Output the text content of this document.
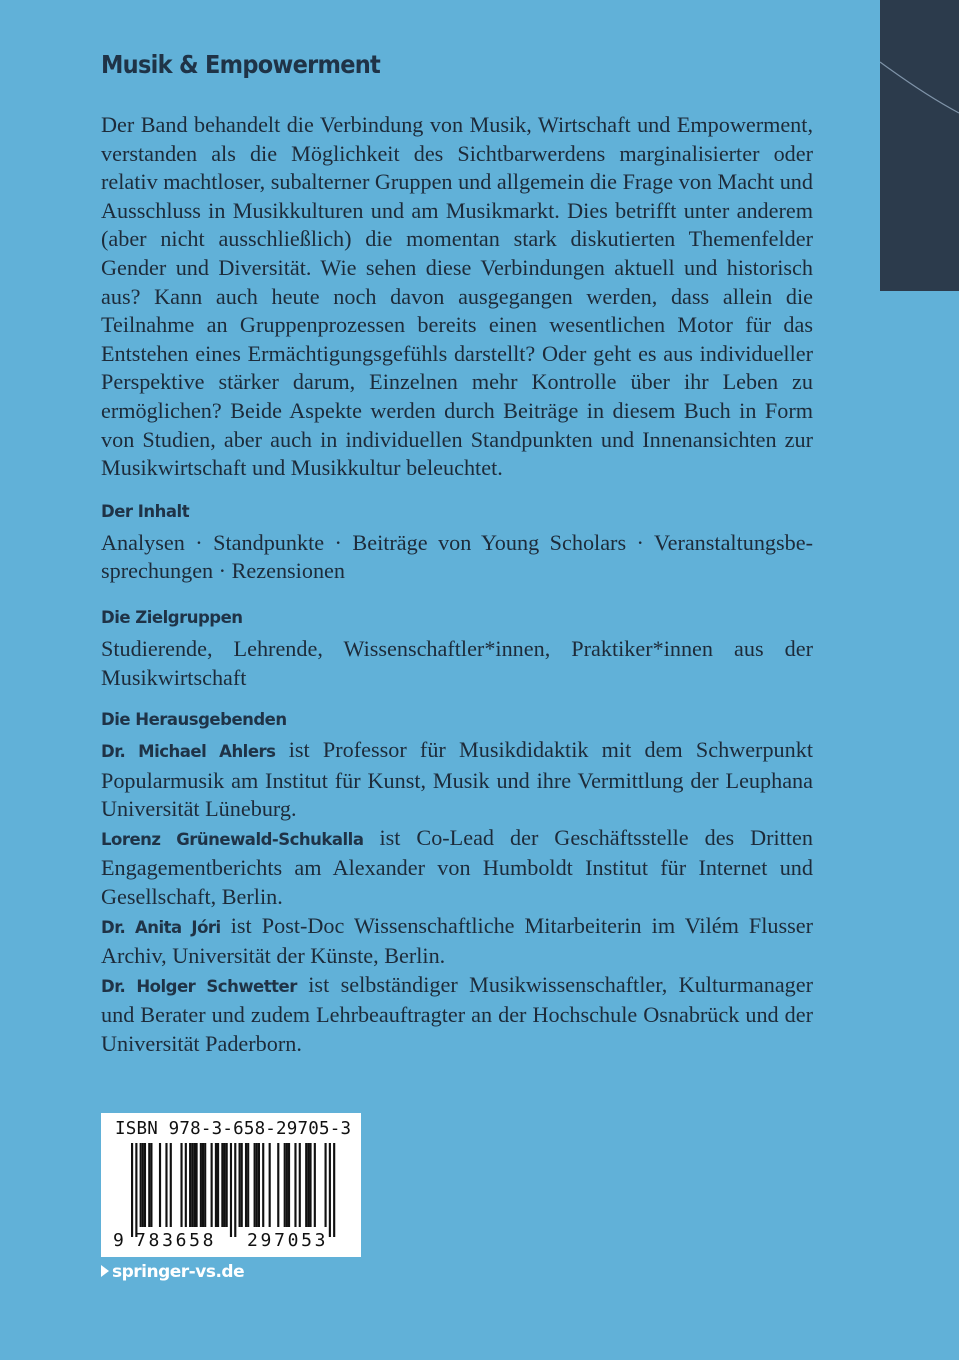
Musik & Empowerment
Der Band behandelt die Verbindung von Musik, Wirtschaft und Empowerment, verstanden als die Möglichkeit des Sichtbarwerdens marginalisierter oder relativ machtloser, subalterner Gruppen und allgemein die Frage von Macht und Ausschluss in Musikkulturen und am Musikmarkt. Dies betrifft unter anderem (aber nicht ausschließlich) die momentan stark diskutierten Themenfelder Gender und Diversität. Wie sehen diese Verbindungen aktuell und historisch aus? Kann auch heute noch davon ausgegangen werden, dass allein die Teilnahme an Gruppenprozessen bereits einen wesentlichen Motor für das Entstehen eines Ermächtigungsgefühls darstellt? Oder geht es aus individueller Perspektive stärker darum, Einzelnen mehr Kontrolle über ihr Leben zu ermöglichen? Beide Aspekte werden durch Beiträge in diesem Buch in Form von Studien, aber auch in individuellen Standpunkten und Innenansichten zur Musikwirtschaft und Musikkultur beleuchtet.
Der Inhalt
Analysen · Standpunkte · Beiträge von Young Scholars · Veranstaltungsbesprechungen · Rezensionen
Die Zielgruppen
Studierende, Lehrende, Wissenschaftler*innen, Praktiker*innen aus der Musikwirtschaft
Die Herausgebenden
Dr. Michael Ahlers ist Professor für Musikdidaktik mit dem Schwerpunkt Popularmusik am Institut für Kunst, Musik und ihre Vermittlung der Leuphana Universität Lüneburg.
Lorenz Grünewald-Schukalla ist Co-Lead der Geschäftsstelle des Dritten Engagementberichts am Alexander von Humboldt Institut für Internet und Gesellschaft, Berlin.
Dr. Anita Jóri ist Post-Doc Wissenschaftliche Mitarbeiterin im Vilém Flusser Archiv, Universität der Künste, Berlin.
Dr. Holger Schwetter ist selbständiger Musikwissenschaftler, Kulturmanager und Berater und zudem Lehrbeauftragter an der Hochschule Osnabrück und der Universität Paderborn.
ISBN 978-3-658-29705-3
9 783658 297053
springer-vs.de
